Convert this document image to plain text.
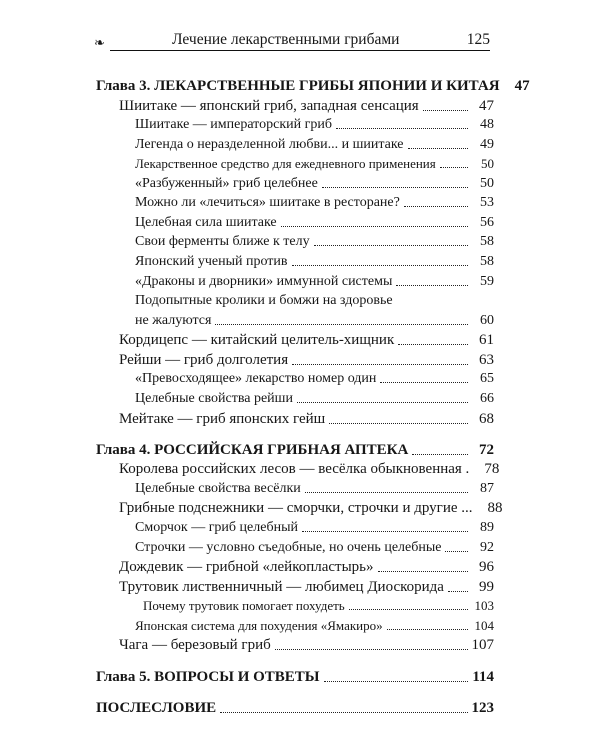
❧	Лечение лекарственными грибами	125
Глава 3. ЛЕКАРСТВЕННЫЕ ГРИБЫ ЯПОНИИ И КИТАЯ	47
Шиитаке — японский гриб, западная сенсация	47
Шиитаке — императорский гриб	48
Легенда о неразделенной любви... и шиитаке	49
Лекарственное средство для ежедневного применения	50
«Разбуженный» гриб целебнее	50
Можно ли «лечиться» шиитаке в ресторане?	53
Целебная сила шиитаке	56
Свои ферменты ближе к телу	58
Японский ученый против	58
«Драконы и дворники» иммунной системы	59
Подопытные кролики и бомжи на здоровье
не жалуются	60
Кордицепс — китайский целитель-хищник	61
Рейши — гриб долголетия	63
«Превосходящее» лекарство номер один	65
Целебные свойства рейши	66
Мейтаке — гриб японских гейш	68
Глава 4. РОССИЙСКАЯ ГРИБНАЯ АПТЕКА	72
Королева российских лесов — весёлка обыкновенная .	78
Целебные свойства весёлки	87
Грибные подснежники — сморчки, строчки и другие ...	88
Сморчок — гриб целебный	89
Строчки — условно съедобные, но очень целебные	92
Дождевик — грибной «лейкопластырь»	96
Трутовик лиственничный — любимец Диоскорида	99
Почему трутовик помогает похудеть	103
Японская система для похудения «Ямакиро»	104
Чага — березовый гриб	107
Глава 5. ВОПРОСЫ И ОТВЕТЫ	114
ПОСЛЕСЛОВИЕ	123
